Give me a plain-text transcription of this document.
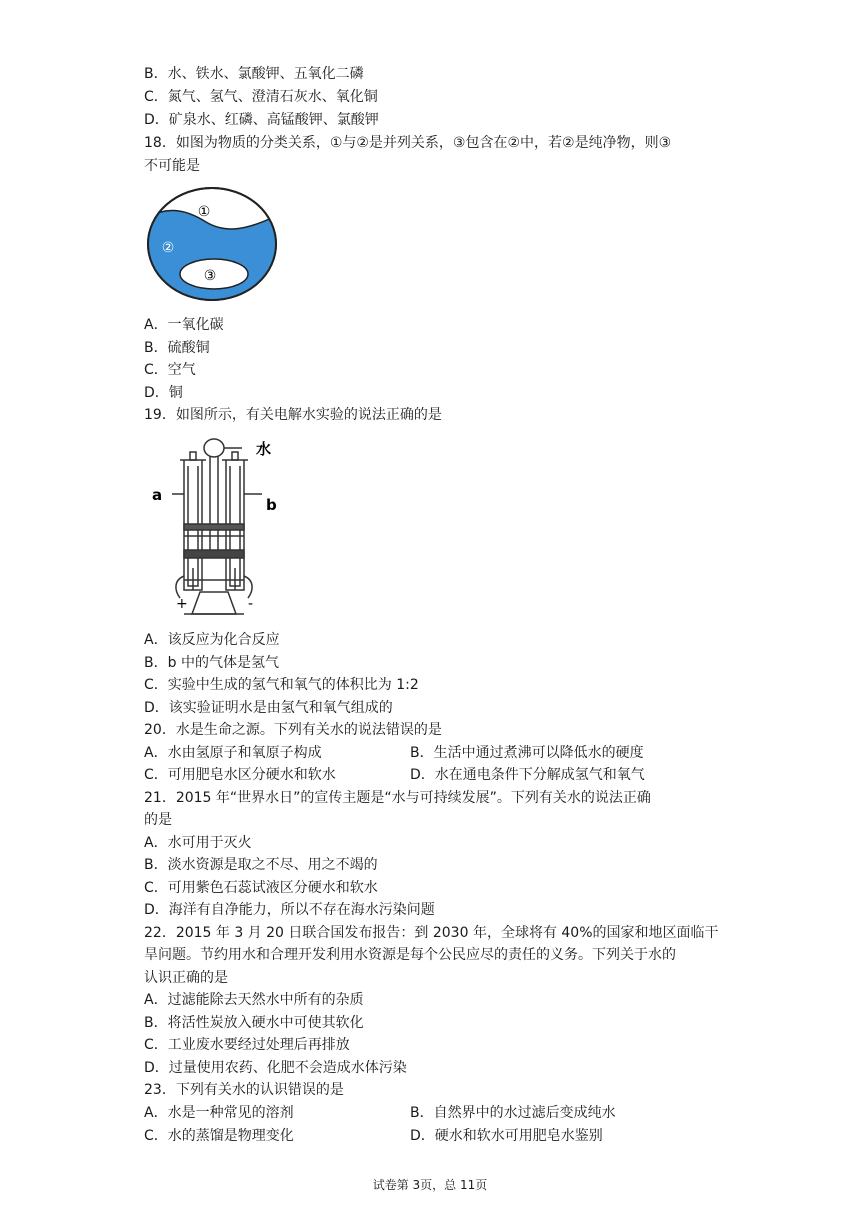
B．水、铁水、氯酸钾、五氧化二磷
C．氮气、氢气、澄清石灰水、氧化铜
D．矿泉水、红磷、高锰酸钾、氯酸钾
18．如图为物质的分类关系，①与②是并列关系，③包含在②中，若②是纯净物，则③
不可能是
①
②
③
A．一氧化碳
B．硫酸铜
C．空气
D．铜
19．如图所示，有关电解水实验的说法正确的是
水
a
b
+	-
A．该反应为化合反应
B．b 中的气体是氢气
C．实验中生成的氢气和氧气的体积比为 1:2
D．该实验证明水是由氢气和氧气组成的
20．水是生命之源。下列有关水的说法错误的是
A．水由氢原子和氧原子构成	B．生活中通过煮沸可以降低水的硬度
C．可用肥皂水区分硬水和软水	D．水在通电条件下分解成氢气和氧气
21．2015 年“世界水日”的宣传主题是“水与可持续发展”。下列有关水的说法正确
的是
A．水可用于灭火
B．淡水资源是取之不尽、用之不竭的
C．可用紫色石蕊试液区分硬水和软水
D．海洋有自净能力，所以不存在海水污染问题
22．2015 年 3 月 20 日联合国发布报告：到 2030 年，全球将有 40%的国家和地区面临干
旱问题。节约用水和合理开发利用水资源是每个公民应尽的责任的义务。下列关于水的
认识正确的是
A．过滤能除去天然水中所有的杂质
B．将活性炭放入硬水中可使其软化
C．工业废水要经过处理后再排放
D．过量使用农药、化肥不会造成水体污染
23．下列有关水的认识错误的是
A．水是一种常见的溶剂	B．自然界中的水过滤后变成纯水
C．水的蒸馏是物理变化	D．硬水和软水可用肥皂水鉴别
试卷第 3页，总 11页
